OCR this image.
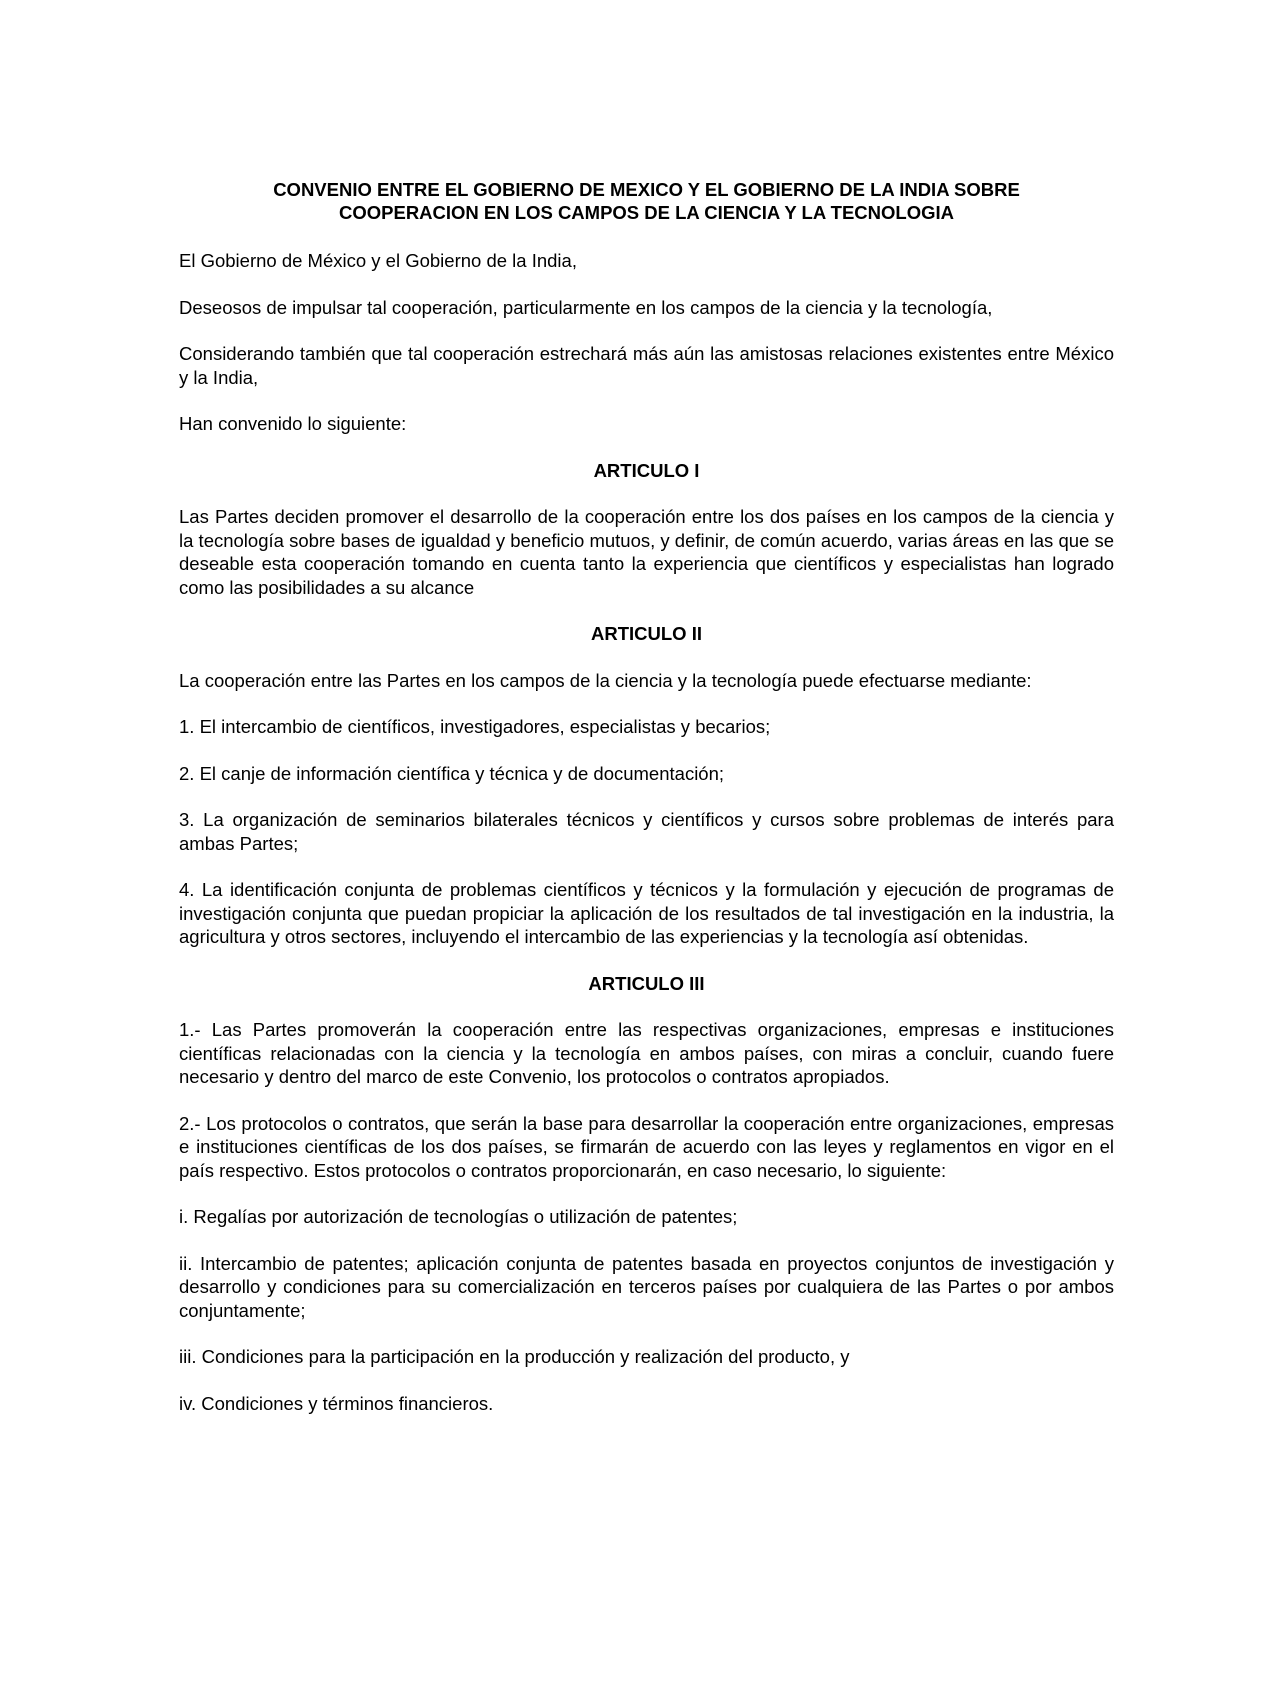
CONVENIO ENTRE EL GOBIERNO DE MEXICO Y EL GOBIERNO DE LA INDIA SOBRE
COOPERACION EN LOS CAMPOS DE LA CIENCIA Y LA TECNOLOGIA

El Gobierno de México y el Gobierno de la India,

Deseosos de impulsar tal cooperación, particularmente en los campos de la ciencia y la tecnología,

Considerando también que tal cooperación estrechará más aún las amistosas relaciones existentes entre México y la India,

Han convenido lo siguiente:

ARTICULO I

Las Partes deciden promover el desarrollo de la cooperación entre los dos países en los campos de la ciencia y la tecnología sobre bases de igualdad y beneficio mutuos, y definir, de común acuerdo, varias áreas en las que se deseable esta cooperación tomando en cuenta tanto la experiencia que científicos y especialistas han logrado como las posibilidades a su alcance

ARTICULO II

La cooperación entre las Partes en los campos de la ciencia y la tecnología puede efectuarse mediante:

1. El intercambio de científicos, investigadores, especialistas y becarios;

2. El canje de información científica y técnica y de documentación;

3. La organización de seminarios bilaterales técnicos y científicos y cursos sobre problemas de interés para ambas Partes;

4. La identificación conjunta de problemas científicos y técnicos y la formulación y ejecución de programas de investigación conjunta que puedan propiciar la aplicación de los resultados de tal investigación en la industria, la agricultura y otros sectores, incluyendo el intercambio de las experiencias y la tecnología así obtenidas.

ARTICULO III

1.- Las Partes promoverán la cooperación entre las respectivas organizaciones, empresas e instituciones científicas relacionadas con la ciencia y la tecnología en ambos países, con miras a concluir, cuando fuere necesario y dentro del marco de este Convenio, los protocolos o contratos apropiados.

2.- Los protocolos o contratos, que serán la base para desarrollar la cooperación entre organizaciones, empresas e instituciones científicas de los dos países, se firmarán de acuerdo con las leyes y reglamentos en vigor en el país respectivo. Estos protocolos o contratos proporcionarán, en caso necesario, lo siguiente:

i. Regalías por autorización de tecnologías o utilización de patentes;

ii. Intercambio de patentes; aplicación conjunta de patentes basada en proyectos conjuntos de investigación y desarrollo y condiciones para su comercialización en terceros países por cualquiera de las Partes o por ambos conjuntamente;

iii. Condiciones para la participación en la producción y realización del producto, y

iv. Condiciones y términos financieros.
